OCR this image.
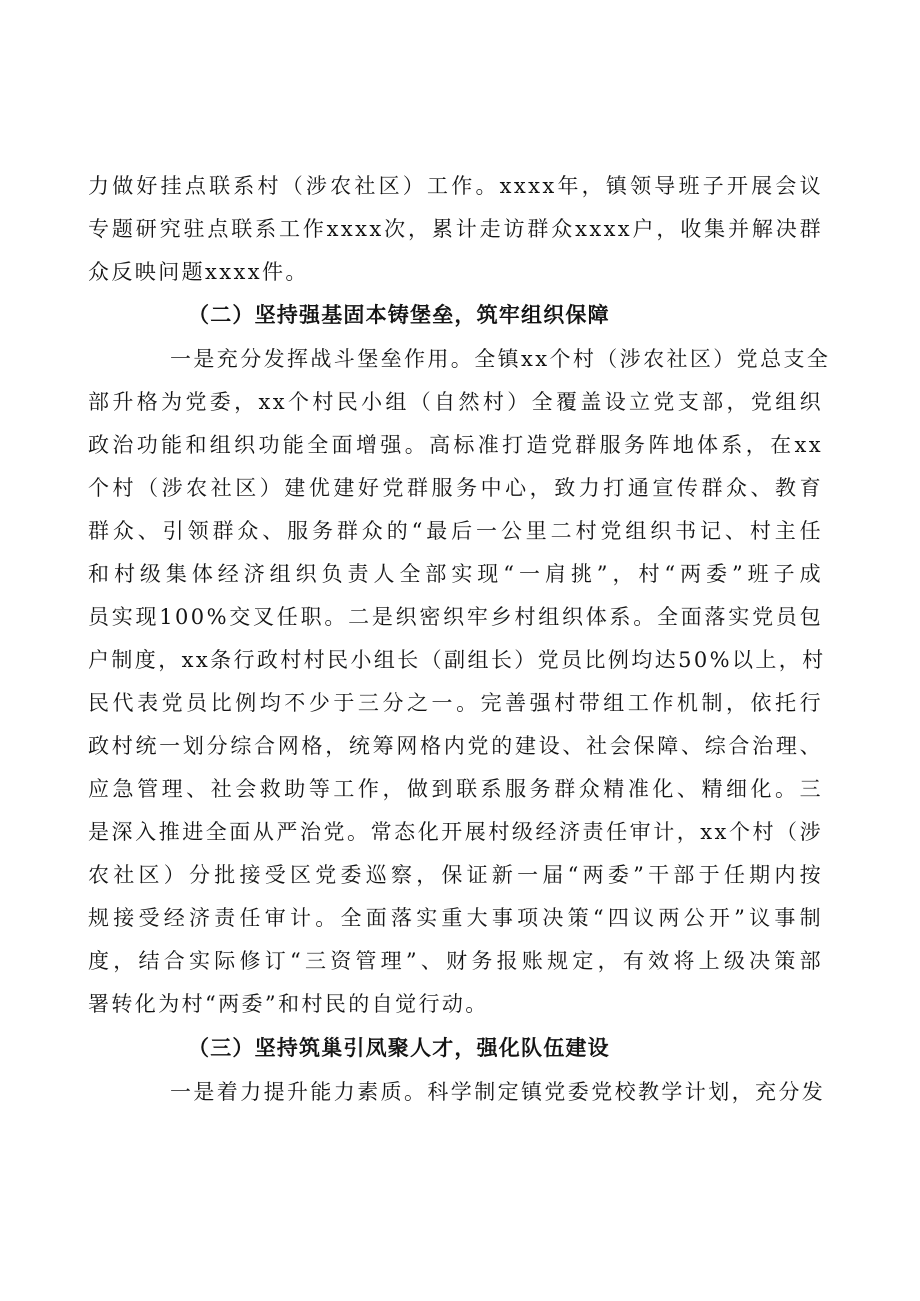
力做好挂点联系村（涉农社区）工作。xxxx年，镇领导班子开展会议
专题研究驻点联系工作xxxx次，累计走访群众xxxx户，收集并解决群
众反映问题xxxx件。
（二）坚持强基固本铸堡垒，筑牢组织保障
一是充分发挥战斗堡垒作用。全镇xx个村（涉农社区）党总支全
部升格为党委，xx个村民小组（自然村）全覆盖设立党支部，党组织
政治功能和组织功能全面增强。高标准打造党群服务阵地体系，在xx
个村（涉农社区）建优建好党群服务中心，致力打通宣传群众、教育
群众、引领群众、服务群众的“最后一公里二村党组织书记、村主任
和村级集体经济组织负责人全部实现“一肩挑”，村“两委”班子成
员实现100%交叉任职。二是织密织牢乡村组织体系。全面落实党员包
户制度，xx条行政村村民小组长（副组长）党员比例均达50%以上，村
民代表党员比例均不少于三分之一。完善强村带组工作机制，依托行
政村统一划分综合网格，统筹网格内党的建设、社会保障、综合治理、
应急管理、社会救助等工作，做到联系服务群众精准化、精细化。三
是深入推进全面从严治党。常态化开展村级经济责任审计，xx个村（涉
农社区）分批接受区党委巡察，保证新一届“两委”干部于任期内按
规接受经济责任审计。全面落实重大事项决策“四议两公开”议事制
度，结合实际修订“三资管理”、财务报账规定，有效将上级决策部
署转化为村“两委”和村民的自觉行动。
（三）坚持筑巢引凤聚人才，强化队伍建设
一是着力提升能力素质。科学制定镇党委党校教学计划，充分发
